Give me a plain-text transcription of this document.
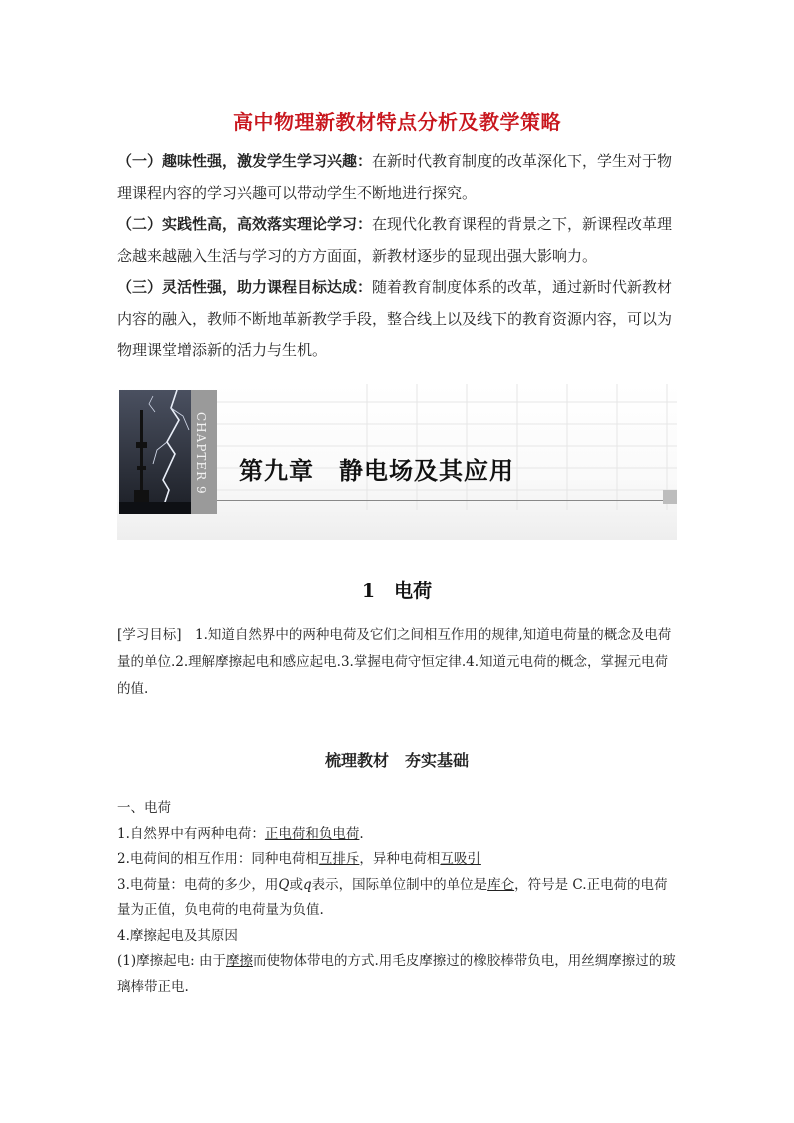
高中物理新教材特点分析及教学策略

（一）趣味性强，激发学生学习兴趣：在新时代教育制度的改革深化下，学生对于物理课程内容的学习兴趣可以带动学生不断地进行探究。

（二）实践性高，高效落实理论学习：在现代化教育课程的背景之下，新课程改革理念越来越融入生活与学习的方方面面，新教材逐步的显现出强大影响力。

（三）灵活性强，助力课程目标达成：随着教育制度体系的改革，通过新时代新教材内容的融入，教师不断地革新教学手段，整合线上以及线下的教育资源内容，可以为物理课堂增添新的活力与生机。

CHAPTER 9 第九章　静电场及其应用
1　电荷
[学习目标]　1.知道自然界中的两种电荷及它们之间相互作用的规律,知道电荷量的概念及电荷量的单位.2.理解摩擦起电和感应起电.3.掌握电荷守恒定律.4.知道元电荷的概念，掌握元电荷的值.
梳理教材　夯实基础
一、电荷
1.自然界中有两种电荷：正电荷和负电荷.
2.电荷间的相互作用：同种电荷相互排斥，异种电荷相互吸引
3.电荷量：电荷的多少，用Q或q表示，国际单位制中的单位是库仑，符号是 C.正电荷的电荷量为正值，负电荷的电荷量为负值.
4.摩擦起电及其原因
(1)摩擦起电: 由于摩擦而使物体带电的方式.用毛皮摩擦过的橡胶棒带负电，用丝绸摩擦过的玻璃棒带正电.
